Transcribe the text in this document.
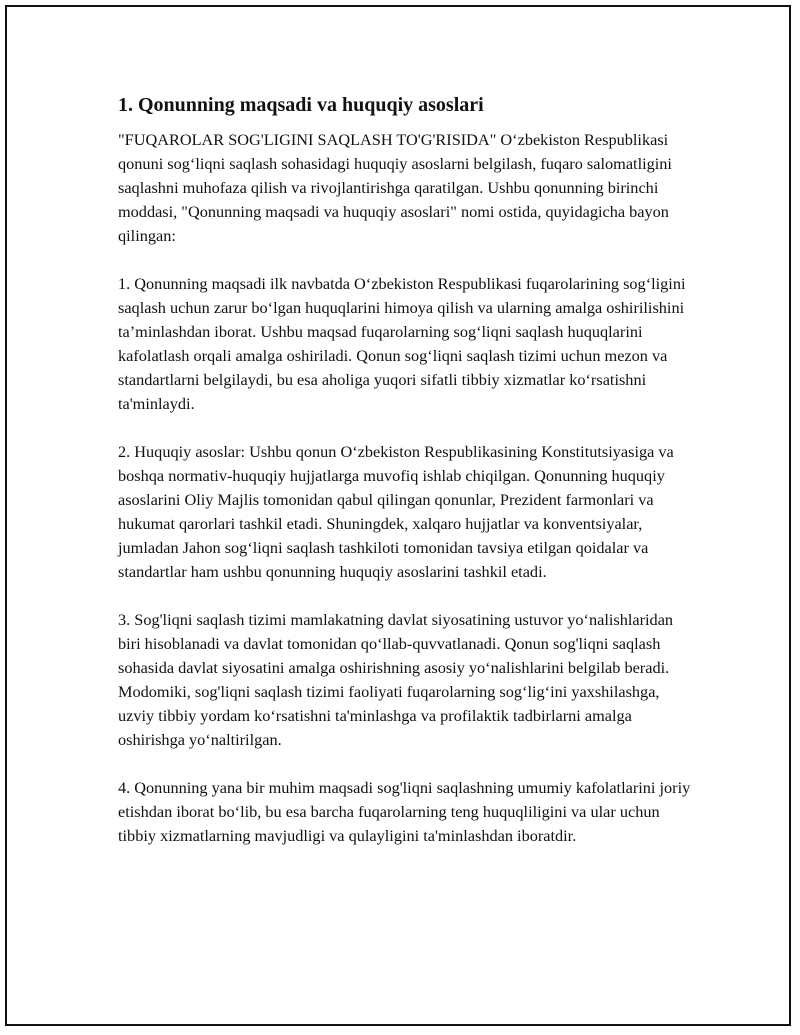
1. Qonunning maqsadi va huquqiy asoslari

"FUQAROLAR SOG'LIGINI SAQLASH TO'G'RISIDA" O‘zbekiston Respublikasi qonuni sog‘liqni saqlash sohasidagi huquqiy asoslarni belgilash, fuqaro salomatligini saqlashni muhofaza qilish va rivojlantirishga qaratilgan. Ushbu qonunning birinchi moddasi, "Qonunning maqsadi va huquqiy asoslari" nomi ostida, quyidagicha bayon qilingan:

1. Qonunning maqsadi ilk navbatda O‘zbekiston Respublikasi fuqarolarining sog‘ligini saqlash uchun zarur bo‘lgan huquqlarini himoya qilish va ularning amalga oshirilishini ta’minlashdan iborat. Ushbu maqsad fuqarolarning sog‘liqni saqlash huquqlarini kafolatlash orqali amalga oshiriladi. Qonun sog‘liqni saqlash tizimi uchun mezon va standartlarni belgilaydi, bu esa aholiga yuqori sifatli tibbiy xizmatlar ko‘rsatishni ta'minlaydi.

2. Huquqiy asoslar: Ushbu qonun O‘zbekiston Respublikasining Konstitutsiyasiga va boshqa normativ-huquqiy hujjatlarga muvofiq ishlab chiqilgan. Qonunning huquqiy asoslarini Oliy Majlis tomonidan qabul qilingan qonunlar, Prezident farmonlari va hukumat qarorlari tashkil etadi. Shuningdek, xalqaro hujjatlar va konventsiyalar, jumladan Jahon sog‘liqni saqlash tashkiloti tomonidan tavsiya etilgan qoidalar va standartlar ham ushbu qonunning huquqiy asoslarini tashkil etadi.

3. Sog'liqni saqlash tizimi mamlakatning davlat siyosatining ustuvor yo‘nalishlaridan biri hisoblanadi va davlat tomonidan qo‘llab-quvvatlanadi. Qonun sog'liqni saqlash sohasida davlat siyosatini amalga oshirishning asosiy yo‘nalishlarini belgilab beradi. Modomiki, sog'liqni saqlash tizimi faoliyati fuqarolarning sog‘lig‘ini yaxshilashga, uzviy tibbiy yordam ko‘rsatishni ta'minlashga va profilaktik tadbirlarni amalga oshirishga yo‘naltirilgan.

4. Qonunning yana bir muhim maqsadi sog'liqni saqlashning umumiy kafolatlarini joriy etishdan iborat bo‘lib, bu esa barcha fuqarolarning teng huquqliligini va ular uchun tibbiy xizmatlarning mavjudligi va qulayligini ta'minlashdan iboratdir.
